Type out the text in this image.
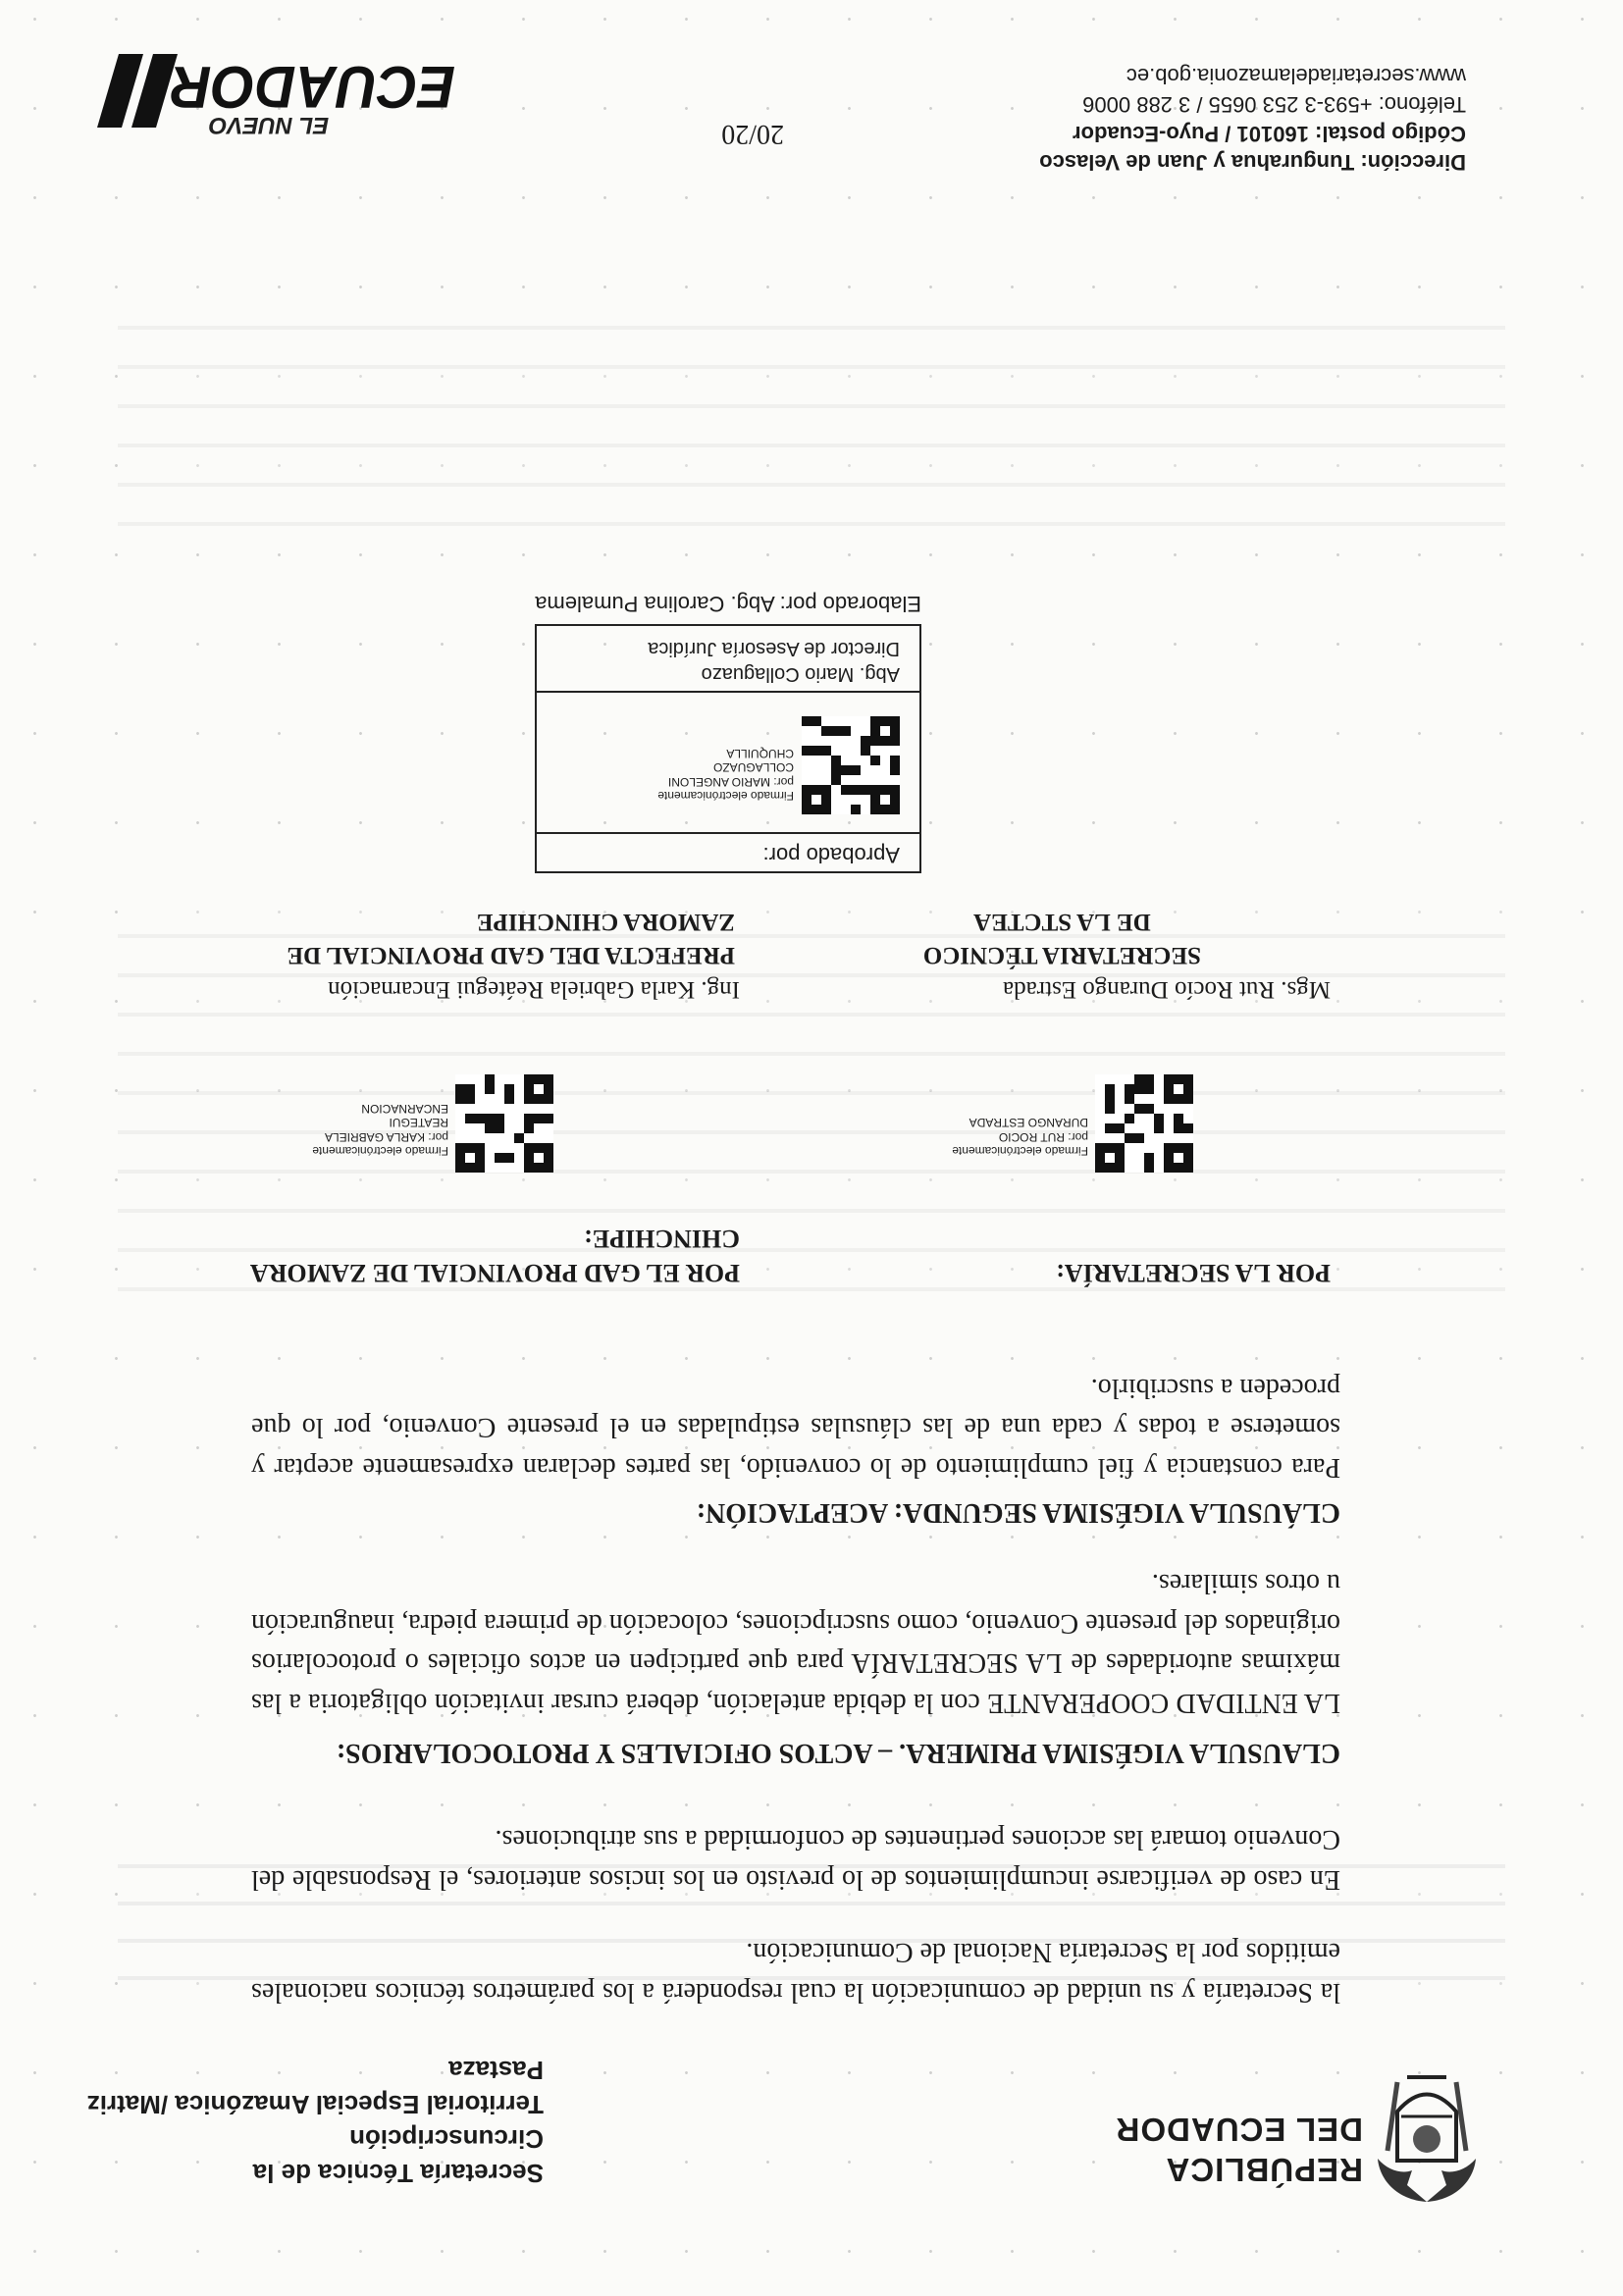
REPÚBLICA
DEL ECUADOR
Secretaría Técnica de la Circunscripción
Territorial Especial Amazónica /Matriz Pastaza
la Secretaría y su unidad de comunicación la cual responderá a los parámetros técnicos nacionales emitidos por la Secretaría Nacional de Comunicación.
En caso de verificarse incumplimientos de lo previsto en los incisos anteriores, el Responsable del Convenio tomará las acciones pertinentes de conformidad a sus atribuciones.
CLAUSULA VIGÉSIMA PRIMERA. – ACTOS OFICIALES Y PROTOCOLARIOS:
LA ENTIDAD COOPERANTE con la debida antelación, deberá cursar invitación obligatoria a las máximas autoridades de LA SECRETARÍA para que participen en actos oficiales o protocolarios originados del presente Convenio, como suscripciones, colocación de primera piedra, inauguración u otros similares.
CLÁUSULA VIGÉSIMA SEGUNDA: ACEPTACIÓN:
Para constancia y fiel cumplimiento de lo convenido, las partes declaran expresamente aceptar y someterse a todas y cada una de las cláusulas estipuladas en el presente Convenio, por lo que proceden a suscribirlo.
POR LA SECRETARÍA:
POR EL GAD PROVINCIAL DE ZAMORA
CHINCHIPE:
Firmado electrónicamente por: RUT ROCIO DURANGO ESTRADA
Firmado electrónicamente por: KARLA GABRIELA REATEGUI ENCARNACION
Mgs. Rut Rocío Durango Estrada
SECRETARIA TÉCNICO
DE LA STCTEA
Ing. Karla Gabriela Reátegui Encarnación
PREFECTA DEL GAD PROVINCIAL DE
ZAMORA CHINCHIPE
Aprobado por:
Firmado electrónicamente por: MARIO ANGELONI COLLAGUAZO CHUQUILLA
Abg. Mario Collaguazo
Director de Asesoría Jurídica
Elaborado por: Abg. Carolina Pumalema
20/20
Dirección: Tungurahua y Juan de Velasco
Código postal: 160101 / Puyo-Ecuador
Teléfono: +593-3 253 0655 / 3 288 0006
www.secretariadelamazonia.gob.ec
EL NUEVO
ECUADOR
